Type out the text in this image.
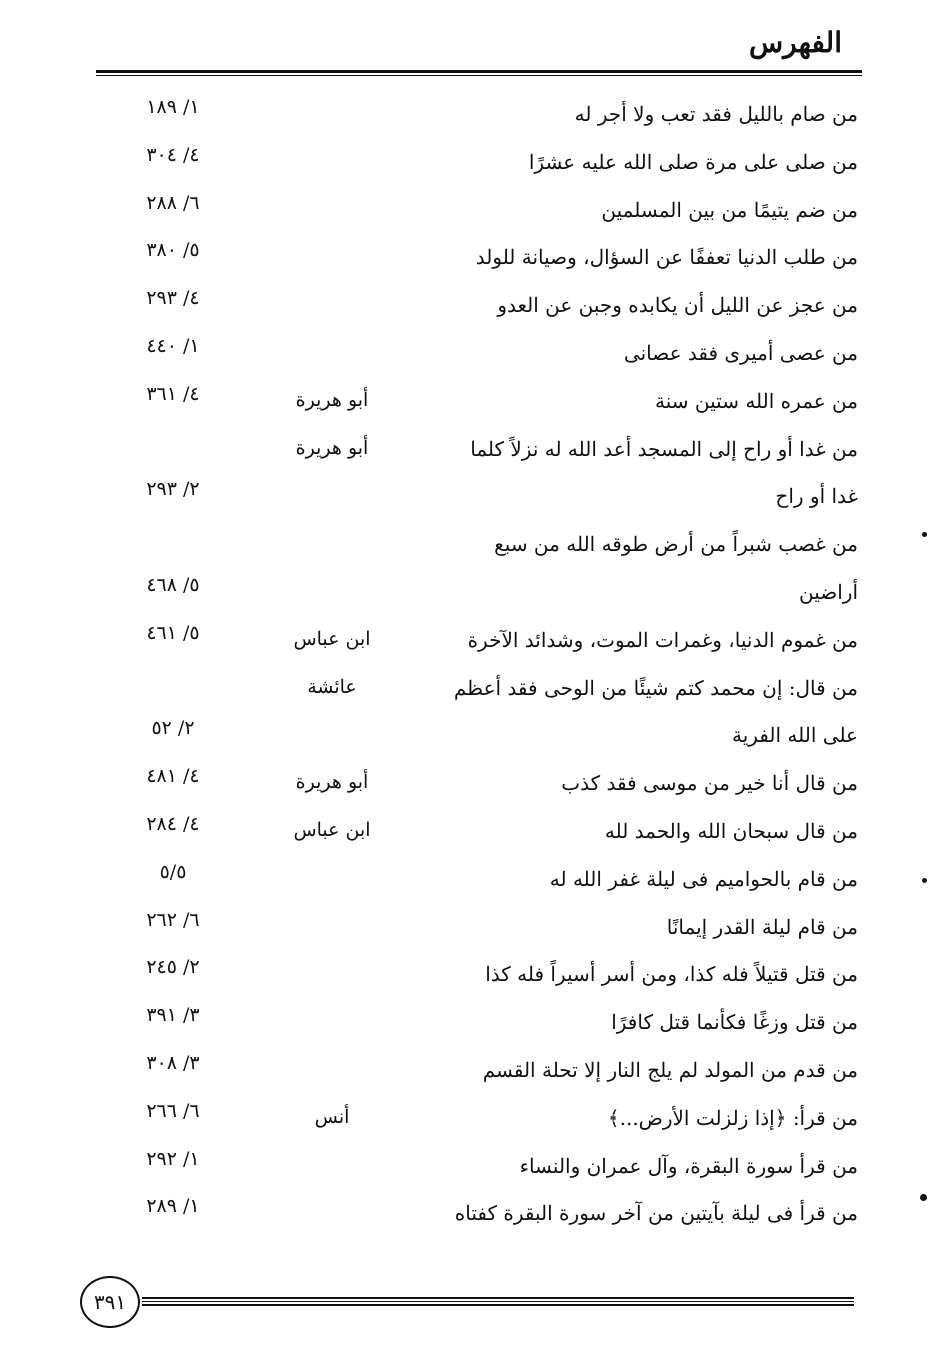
الفهرس
من صام بالليل فقد تعب ولا أجر له
١/ ١٨٩
من صلى على مرة صلى الله عليه عشرًا
٤/ ٣٠٤
من ضم يتيمًا من بين المسلمين
٦/ ٢٨٨
من طلب الدنيا تعففًا عن السؤال، وصيانة للولد
٥/ ٣٨٠
من عجز عن الليل أن يكابده وجبن عن العدو
٤/ ٢٩٣
من عصى أميرى فقد عصانى
١/ ٤٤٠
من عمره الله ستين سنة
أبو هريرة
٤/ ٣٦١
من غدا أو راح إلى المسجد أعد الله له نزلاً كلما
أبو هريرة
غدا أو راح
٢/ ٢٩٣
من غصب شبراً من أرض طوقه الله من سبع
أراضين
٥/ ٤٦٨
من غموم الدنيا، وغمرات الموت، وشدائد الآخرة
ابن عباس
٥/ ٤٦١
من قال: إن محمد كتم شيئًا من الوحى فقد أعظم
عائشة
على الله الفرية
٢/ ٥٢
من قال أنا خير من موسى فقد كذب
أبو هريرة
٤/ ٤٨١
من قال سبحان الله والحمد لله
ابن عباس
٤/ ٢٨٤
من قام بالحواميم فى ليلة غفر الله له
٥/٥
من قام ليلة القدر إيمانًا
٦/ ٢٦٢
من قتل قتيلاً فله كذا، ومن أسر أسيراً فله كذا
٢/ ٢٤٥
من قتل وزغًا فكأنما قتل كافرًا
٣/ ٣٩١
من قدم من المولد لم يلج النار إلا تحلة القسم
٣/ ٣٠٨
من قرأ: ﴿إذا زلزلت الأرض...﴾
أنس
٦/ ٢٦٦
من قرأ سورة البقرة، وآل عمران والنساء
١/ ٢٩٢
من قرأ فى ليلة بآيتين من آخر سورة البقرة كفتاه
١/ ٢٨٩
٣٩١
